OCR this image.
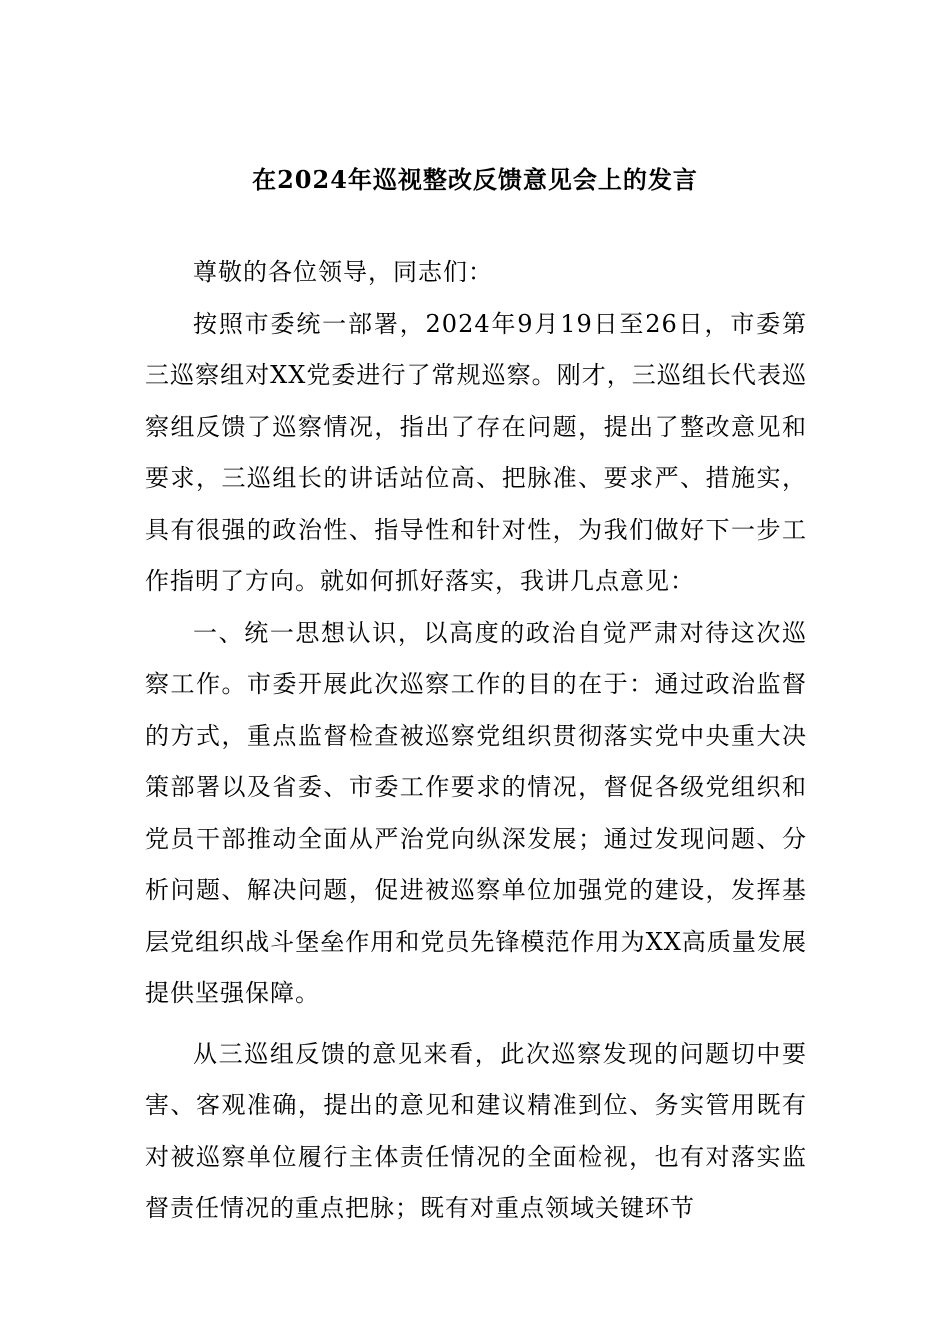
在2024年巡视整改反馈意见会上的发言

尊敬的各位领导，同志们：

按照市委统一部署，2024年9月19日至26日，市委第三巡察组对XX党委进行了常规巡察。刚才，三巡组长代表巡察组反馈了巡察情况，指出了存在问题，提出了整改意见和要求，三巡组长的讲话站位高、把脉准、要求严、措施实，具有很强的政治性、指导性和针对性，为我们做好下一步工作指明了方向。就如何抓好落实，我讲几点意见：

一、统一思想认识，以高度的政治自觉严肃对待这次巡察工作。市委开展此次巡察工作的目的在于：通过政治监督的方式，重点监督检查被巡察党组织贯彻落实党中央重大决策部署以及省委、市委工作要求的情况，督促各级党组织和党员干部推动全面从严治党向纵深发展；通过发现问题、分析问题、解决问题，促进被巡察单位加强党的建设，发挥基层党组织战斗堡垒作用和党员先锋模范作用为XX高质量发展提供坚强保障。

从三巡组反馈的意见来看，此次巡察发现的问题切中要害、客观准确，提出的意见和建议精准到位、务实管用既有对被巡察单位履行主体责任情况的全面检视，也有对落实监督责任情况的重点把脉；既有对重点领域关键环节
